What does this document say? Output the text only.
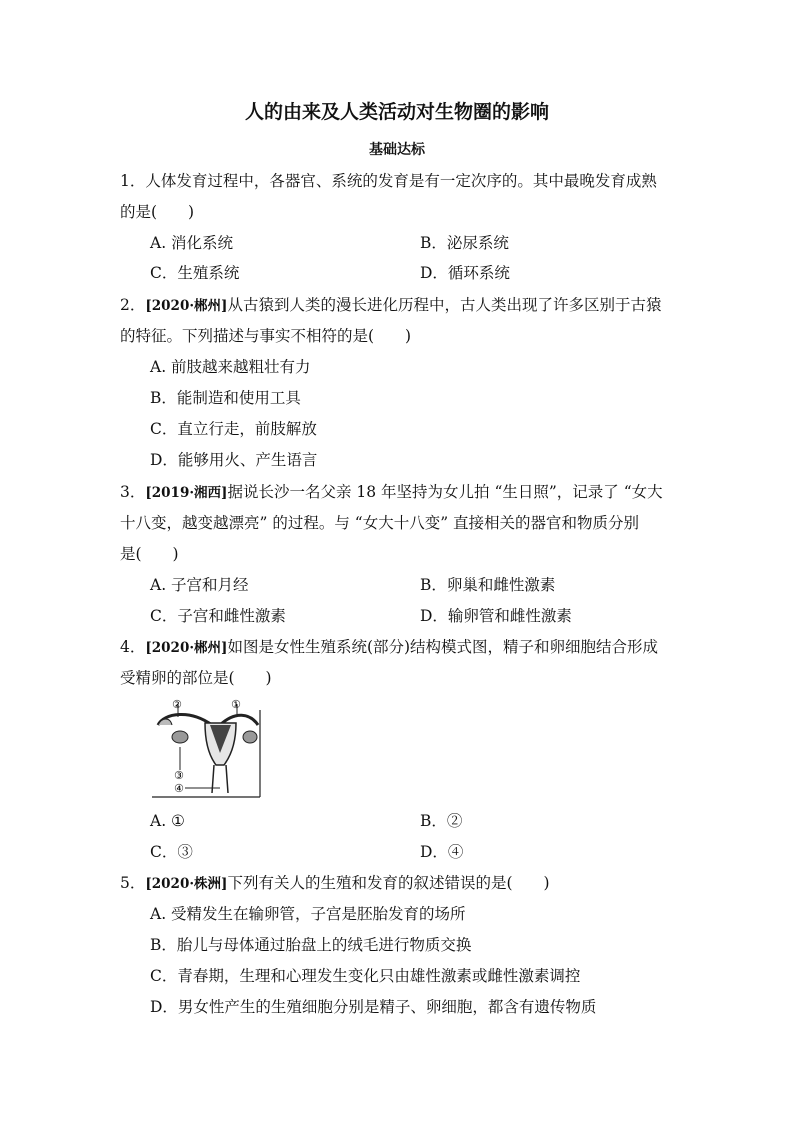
人的由来及人类活动对生物圈的影响
基础达标
1．人体发育过程中，各器官、系统的发育是有一定次序的。其中最晚发育成熟
的是(　　)
A. 消化系统	B．泌尿系统
C．生殖系统	D．循环系统
2．[2020·郴州]从古猿到人类的漫长进化历程中，古人类出现了许多区别于古猿
的特征。下列描述与事实不相符的是(　　)
A. 前肢越来越粗壮有力
B．能制造和使用工具
C．直立行走，前肢解放
D．能够用火、产生语言
3．[2019·湘西]据说长沙一名父亲 18 年坚持为女儿拍 “生日照”，记录了 “女大
十八变，越变越漂亮” 的过程。与 “女大十八变” 直接相关的器官和物质分别
是(　　)
A. 子宫和月经	B．卵巢和雌性激素
C．子宫和雌性激素	D．输卵管和雌性激素
4．[2020·郴州]如图是女性生殖系统(部分)结构模式图，精子和卵细胞结合形成
受精卵的部位是(　　)
②	①
③
④
A. ①	B．②
C．③	D．④
5．[2020·株洲]下列有关人的生殖和发育的叙述错误的是(　　)
A. 受精发生在输卵管，子宫是胚胎发育的场所
B．胎儿与母体通过胎盘上的绒毛进行物质交换
C．青春期，生理和心理发生变化只由雄性激素或雌性激素调控
D．男女性产生的生殖细胞分别是精子、卵细胞，都含有遗传物质
